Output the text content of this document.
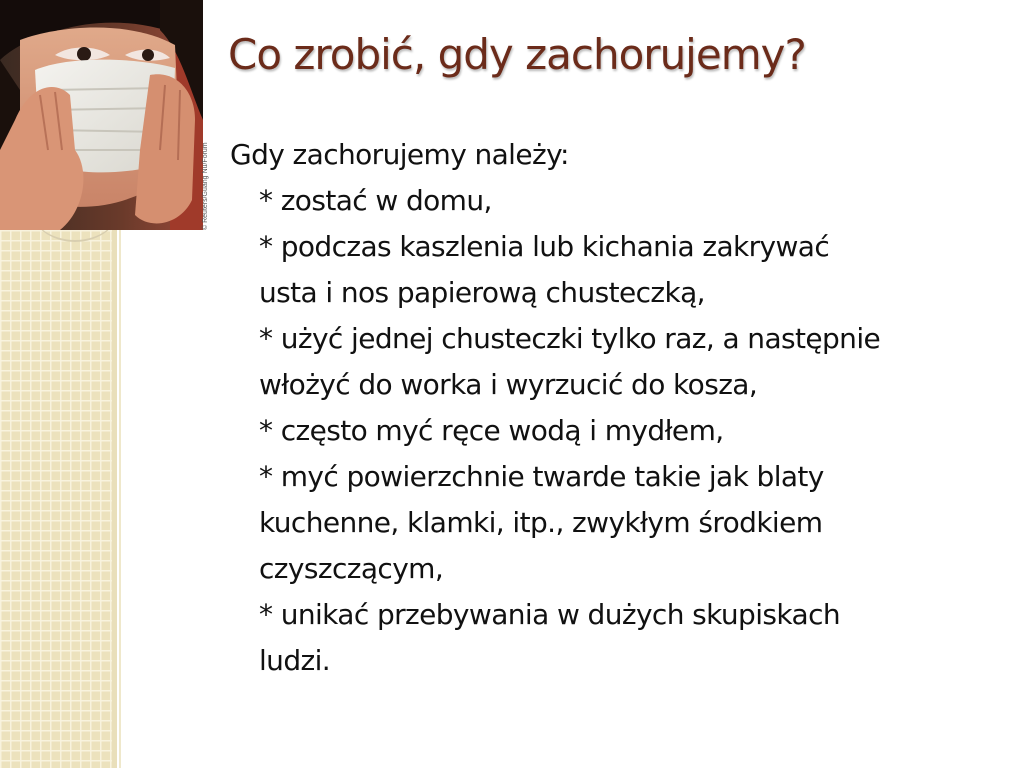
© Reuters/Guang Nu/Forum
Co zrobić, gdy zachorujemy?

Gdy zachorujemy należy:

* zostać w domu,

* podczas kaszlenia lub kichania zakrywać
usta i nos papierową chusteczką,

* użyć jednej chusteczki tylko raz, a następnie
włożyć do worka i wyrzucić do kosza,

* często myć ręce wodą i mydłem,

* myć powierzchnie twarde takie jak blaty
kuchenne, klamki, itp., zwykłym środkiem
czyszczącym,

* unikać przebywania w dużych skupiskach
ludzi.
